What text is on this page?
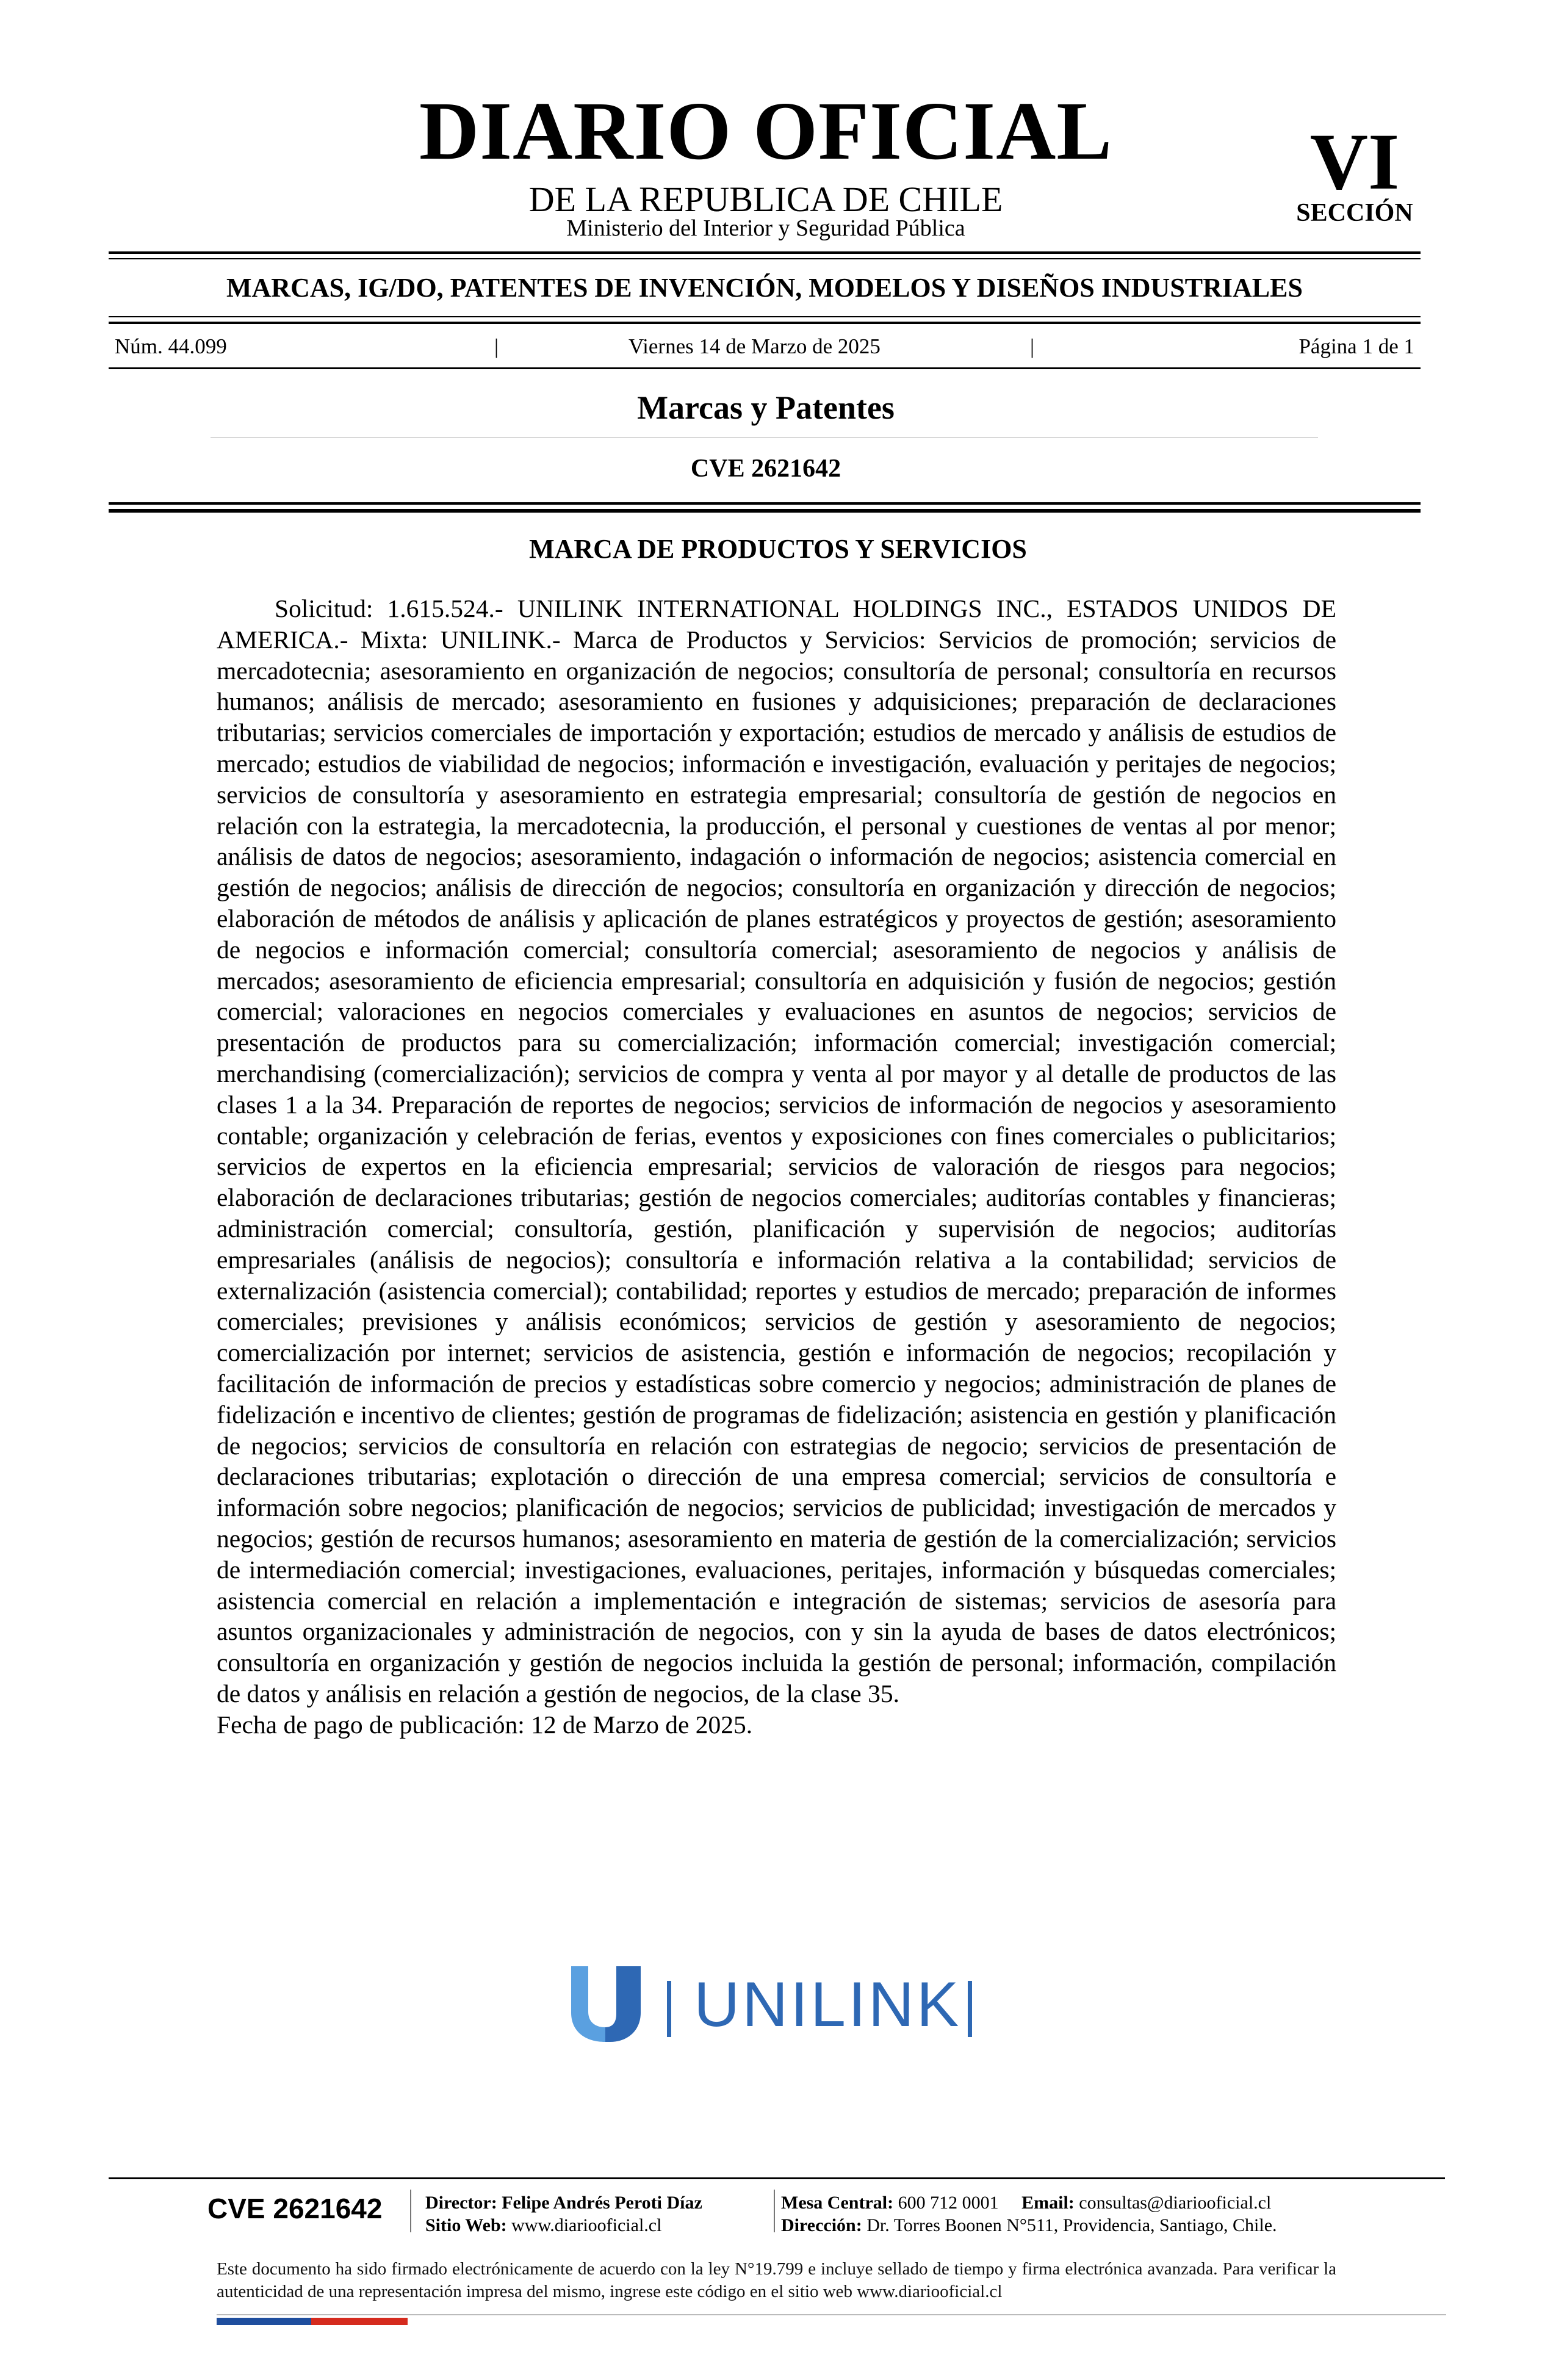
DIARIO OFICIAL
DE LA REPUBLICA DE CHILE
Ministerio del Interior y Seguridad Pública
VI
SECCIÓN
MARCAS, IG/DO, PATENTES DE INVENCIÓN, MODELOS Y DISEÑOS INDUSTRIALES
Núm. 44.099	|	Viernes 14 de Marzo de 2025	|	Página 1 de 1
Marcas y Patentes
CVE 2621642
MARCA DE PRODUCTOS Y SERVICIOS

Solicitud: 1.615.524.- UNILINK INTERNATIONAL HOLDINGS INC., ESTADOS UNIDOS DE AMERICA.- Mixta: UNILINK.- Marca de Productos y Servicios: Servicios de promoción; servicios de mercadotecnia; asesoramiento en organización de negocios; consultoría de personal; consultoría en recursos humanos; análisis de mercado; asesoramiento en fusiones y adquisiciones; preparación de declaraciones tributarias; servicios comerciales de importación y exportación; estudios de mercado y análisis de estudios de mercado; estudios de viabilidad de negocios; información e investigación, evaluación y peritajes de negocios; servicios de consultoría y asesoramiento en estrategia empresarial; consultoría de gestión de negocios en relación con la estrategia, la mercadotecnia, la producción, el personal y cuestiones de ventas al por menor; análisis de datos de negocios; asesoramiento, indagación o información de negocios; asistencia comercial en gestión de negocios; análisis de dirección de negocios; consultoría en organización y dirección de negocios; elaboración de métodos de análisis y aplicación de planes estratégicos y proyectos de gestión; asesoramiento de negocios e información comercial; consultoría comercial; asesoramiento de negocios y análisis de mercados; asesoramiento de eficiencia empresarial; consultoría en adquisición y fusión de negocios; gestión comercial; valoraciones en negocios comerciales y evaluaciones en asuntos de negocios; servicios de presentación de productos para su comercialización; información comercial; investigación comercial; merchandising (comercialización); servicios de compra y venta al por mayor y al detalle de productos de las clases 1 a la 34. Preparación de reportes de negocios; servicios de información de negocios y asesoramiento contable; organización y celebración de ferias, eventos y exposiciones con fines comerciales o publicitarios; servicios de expertos en la eficiencia empresarial; servicios de valoración de riesgos para negocios; elaboración de declaraciones tributarias; gestión de negocios comerciales; auditorías contables y financieras; administración comercial; consultoría, gestión, planificación y supervisión de negocios; auditorías empresariales (análisis de negocios); consultoría e información relativa a la contabilidad; servicios de externalización (asistencia comercial); contabilidad; reportes y estudios de mercado; preparación de informes comerciales; previsiones y análisis económicos; servicios de gestión y asesoramiento de negocios; comercialización por internet; servicios de asistencia, gestión e información de negocios; recopilación y facilitación de información de precios y estadísticas sobre comercio y negocios; administración de planes de fidelización e incentivo de clientes; gestión de programas de fidelización; asistencia en gestión y planificación de negocios; servicios de consultoría en relación con estrategias de negocio; servicios de presentación de declaraciones tributarias; explotación o dirección de una empresa comercial; servicios de consultoría e información sobre negocios; planificación de negocios; servicios de publicidad; investigación de mercados y negocios; gestión de recursos humanos; asesoramiento en materia de gestión de la comercialización; servicios de intermediación comercial; investigaciones, evaluaciones, peritajes, información y búsquedas comerciales; asistencia comercial en relación a implementación e integración de sistemas; servicios de asesoría para asuntos organizacionales y administración de negocios, con y sin la ayuda de bases de datos electrónicos; consultoría en organización y gestión de negocios incluida la gestión de personal; información, compilación de datos y análisis en relación a gestión de negocios, de la clase 35.

Fecha de pago de publicación: 12 de Marzo de 2025.

UNILINK
CVE 2621642 Director: Felipe Andrés Peroti Díaz
Sitio Web: www.diariooficial.cl
Mesa Central: 600 712 0001 Email: consultas@diariooficial.cl
Dirección: Dr. Torres Boonen N°511, Providencia, Santiago, Chile.
Este documento ha sido firmado electrónicamente de acuerdo con la ley N°19.799 e incluye sellado de tiempo y firma electrónica avanzada. Para verificar la autenticidad de una representación impresa del mismo, ingrese este código en el sitio web www.diariooficial.cl
